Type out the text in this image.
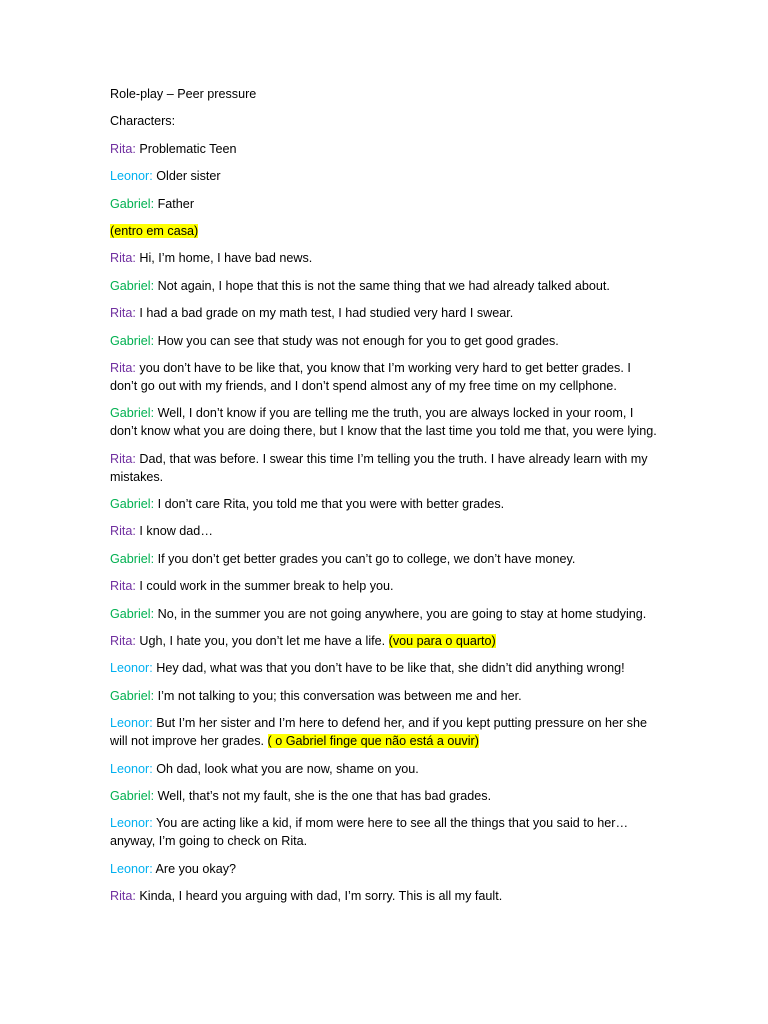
Role-play – Peer pressure

Characters:

Rita: Problematic Teen

Leonor: Older sister

Gabriel: Father

(entro em casa)

Rita: Hi, I’m home, I have bad news.

Gabriel: Not again, I hope that this is not the same thing that we had already talked about.

Rita: I had a bad grade on my math test, I had studied very hard I swear.

Gabriel: How you can see that study was not enough for you to get good grades.

Rita: you don’t have to be like that, you know that I’m working very hard to get better grades. I don’t go out with my friends, and I don’t spend almost any of my free time on my cellphone.

Gabriel: Well, I don’t know if you are telling me the truth, you are always locked in your room, I don’t know what you are doing there, but I know that the last time you told me that, you were lying.

Rita: Dad, that was before. I swear this time I’m telling you the truth. I have already learn with my mistakes.

Gabriel: I don’t care Rita, you told me that you were with better grades.

Rita: I know dad…

Gabriel: If you don’t get better grades you can’t go to college, we don’t have money.

Rita: I could work in the summer break to help you.

Gabriel: No, in the summer you are not going anywhere, you are going to stay at home studying.

Rita: Ugh, I hate you, you don’t let me have a life. (vou para o quarto)

Leonor: Hey dad, what was that you don’t have to be like that, she didn’t did anything wrong!

Gabriel: I’m not talking to you; this conversation was between me and her.

Leonor: But I’m her sister and I’m here to defend her, and if you kept putting pressure on her she will not improve her grades. ( o Gabriel finge que não está a ouvir)

Leonor: Oh dad, look what you are now, shame on you.

Gabriel: Well, that’s not my fault, she is the one that has bad grades.

Leonor: You are acting like a kid, if mom were here to see all the things that you said to her… anyway, I’m going to check on Rita.

Leonor: Are you okay?

Rita: Kinda, I heard you arguing with dad, I’m sorry. This is all my fault.
